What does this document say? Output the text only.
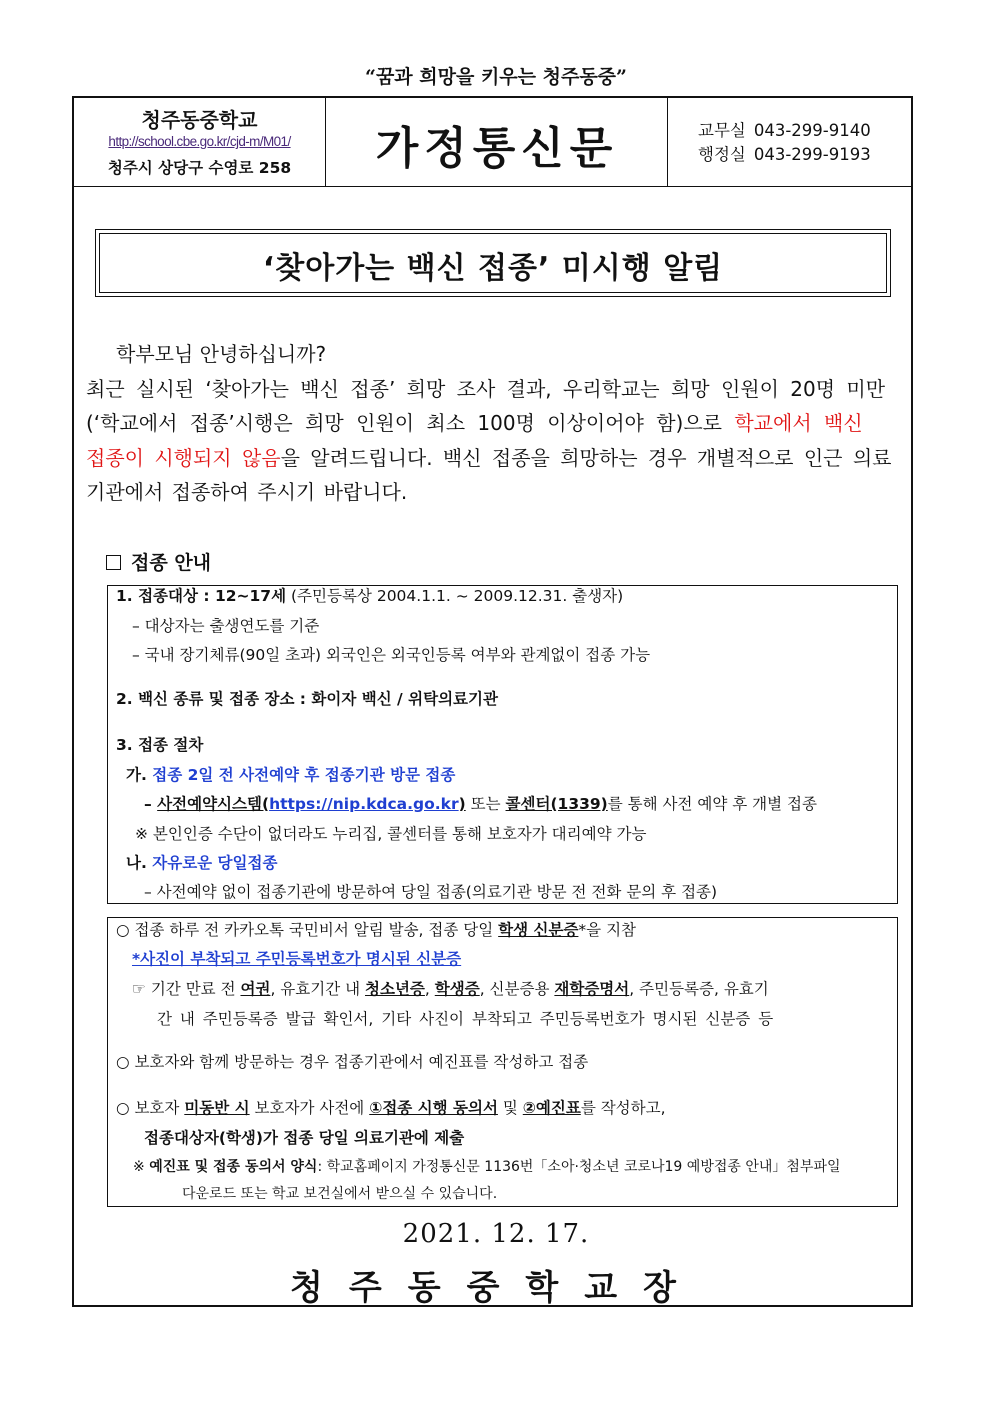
“꿈과 희망을 키우는 청주동중”
청주동중학교
http://school.cbe.go.kr/cjd-m/M01/
청주시 상당구 수영로 258	가정통신문	교무실 043-299-9140
행정실 043-299-9193
‘찾아가는 백신 접종’ 미시행 알림
학부모님 안녕하십니까?
최근 실시된 ‘찾아가는 백신 접종’ 희망 조사 결과, 우리학교는 희망 인원이 20명 미만
(‘학교에서 접종’시행은 희망 인원이 최소 100명 이상이어야 함)으로 학교에서 백신
접종이 시행되지 않음을 알려드립니다. 백신 접종을 희망하는 경우 개별적으로 인근 의료
기관에서 접종하여 주시기 바랍니다.
접종 안내
1. 접종대상 : 12~17세 (주민등록상 2004.1.1. ~ 2009.12.31. 출생자)
– 대상자는 출생연도를 기준
– 국내 장기체류(90일 초과) 외국인은 외국인등록 여부와 관계없이 접종 가능
2. 백신 종류 및 접종 장소 : 화이자 백신 / 위탁의료기관
3. 접종 절차
가. 접종 2일 전 사전예약 후 접종기관 방문 접종
– 사전예약시스템(https://nip.kdca.go.kr) 또는 콜센터(1339)를 통해 사전 예약 후 개별 접종
※ 본인인증 수단이 없더라도 누리집, 콜센터를 통해 보호자가 대리예약 가능
나. 자유로운 당일접종
– 사전예약 없이 접종기관에 방문하여 당일 접종(의료기관 방문 전 전화 문의 후 접종)
○ 접종 하루 전 카카오톡 국민비서 알림 발송, 접종 당일 학생 신분증*을 지참
*사진이 부착되고 주민등록번호가 명시된 신분증
☞ 기간 만료 전 여권, 유효기간 내 청소년증, 학생증, 신분증용 재학증명서, 주민등록증, 유효기
간 내 주민등록증 발급 확인서, 기타 사진이 부착되고 주민등록번호가 명시된 신분증 등
○ 보호자와 함께 방문하는 경우 접종기관에서 예진표를 작성하고 접종
○ 보호자 미동반 시 보호자가 사전에 ①접종 시행 동의서 및 ②예진표를 작성하고,
접종대상자(학생)가 접종 당일 의료기관에 제출
※ 예진표 및 접종 동의서 양식: 학교홈페이지 가정통신문 1136번「소아·청소년 코로나19 예방접종 안내」첨부파일
다운로드 또는 학교 보건실에서 받으실 수 있습니다.
2021. 12. 17.
청주동중학교장
